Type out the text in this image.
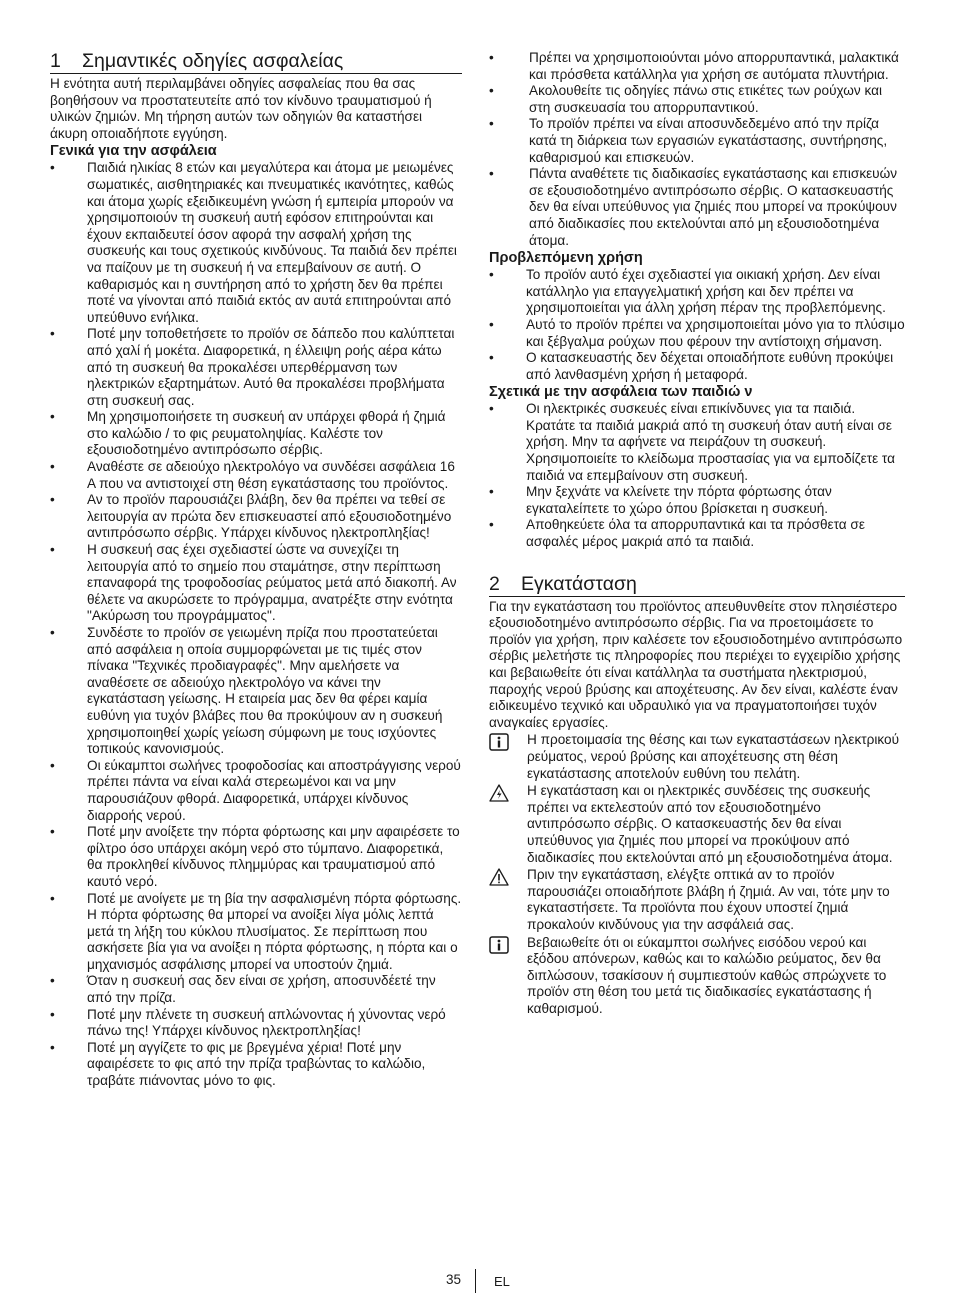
1 Σημαντικές οδηγίες ασφαλείας

Η ενότητα αυτή περιλαμβάνει οδηγίες ασφαλείας που θα σας βοηθήσουν να προστατευτείτε από τον κίνδυνο τραυματισμού ή υλικών ζημιών. Μη τήρηση αυτών των οδηγιών θα καταστήσει άκυρη οποιαδήποτε εγγύηση.

Γενικά για την ασφάλεια
• Παιδιά ηλικίας 8 ετών και μεγαλύτερα και άτομα με μειωμένες σωματικές, αισθητηριακές και πνευματικές ικανότητες, καθώς και άτομα χωρίς εξειδικευμένη γνώση ή εμπειρία μπορούν να χρησιμοποιούν τη συσκευή αυτή εφόσον επιτηρούνται και έχουν εκπαιδευτεί όσον αφορά την ασφαλή χρήση της συσκευής και τους σχετικούς κινδύνους. Τα παιδιά δεν πρέπει να παίζουν με τη συσκευή ή να επεμβαίνουν σε αυτή. Ο καθαρισμός και η συντήρηση από το χρήστη δεν θα πρέπει ποτέ να γίνονται από παιδιά εκτός αν αυτά επιτηρούνται από υπεύθυνο ενήλικα.
• Ποτέ μην τοποθετήσετε το προϊόν σε δάπεδο που καλύπτεται από χαλί ή μοκέτα. Διαφορετικά, η έλλειψη ροής αέρα κάτω από τη συσκευή θα προκαλέσει υπερθέρμανση των ηλεκτρικών εξαρτημάτων. Αυτό θα προκαλέσει προβλήματα στη συσκευή σας.
• Μη χρησιμοποιήσετε τη συσκευή αν υπάρχει φθορά ή ζημιά στο καλώδιο / το φις ρευματοληψίας. Καλέστε τον εξουσιοδοτημένο αντιπρόσωπο σέρβις.
• Αναθέστε σε αδειούχο ηλεκτρολόγο να συνδέσει ασφάλεια 16 A που να αντιστοιχεί στη θέση εγκατάστασης του προϊόντος.
• Αν το προϊόν παρουσιάζει βλάβη, δεν θα πρέπει να τεθεί σε λειτουργία αν πρώτα δεν επισκευαστεί από εξουσιοδοτημένο αντιπρόσωπο σέρβις. Υπάρχει κίνδυνος ηλεκτροπληξίας!
• Η συσκευή σας έχει σχεδιαστεί ώστε να συνεχίζει τη λειτουργία από το σημείο που σταμάτησε, στην περίπτωση επαναφορά της τροφοδοσίας ρεύματος μετά από διακοπή. Αν θέλετε να ακυρώσετε το πρόγραμμα, ανατρέξτε στην ενότητα "Ακύρωση του προγράμματος".
• Συνδέστε το προϊόν σε γειωμένη πρίζα που προστατεύεται από ασφάλεια η οποία συμμορφώνεται με τις τιμές στον πίνακα "Τεχνικές προδιαγραφές". Μην αμελήσετε να αναθέσετε σε αδειούχο ηλεκτρολόγο να κάνει την εγκατάσταση γείωσης. Η εταιρεία μας δεν θα φέρει καμία ευθύνη για τυχόν βλάβες που θα προκύψουν αν η συσκευή χρησιμοποιηθεί χωρίς γείωση σύμφωνη με τους ισχύοντες τοπικούς κανονισμούς.
• Οι εύκαμπτοι σωλήνες τροφοδοσίας και αποστράγγισης νερού πρέπει πάντα να είναι καλά στερεωμένοι και να μην παρουσιάζουν φθορά. Διαφορετικά, υπάρχει κίνδυνος διαρροής νερού.
• Ποτέ μην ανοίξετε την πόρτα φόρτωσης και μην αφαιρέσετε το φίλτρο όσο υπάρχει ακόμη νερό στο τύμπανο. Διαφορετικά, θα προκληθεί κίνδυνος πλημμύρας και τραυματισμού από καυτό νερό.
• Ποτέ με ανοίγετε με τη βία την ασφαλισμένη πόρτα φόρτωσης. Η πόρτα φόρτωσης θα μπορεί να ανοίξει λίγα μόλις λεπτά μετά τη λήξη του κύκλου πλυσίματος. Σε περίπτωση που ασκήσετε βία για να ανοίξει η πόρτα φόρτωσης, η πόρτα και ο μηχανισμός ασφάλισης μπορεί να υποστούν ζημιά.
• Όταν η συσκευή σας δεν είναι σε χρήση, αποσυνδέετέ την από την πρίζα.
• Ποτέ μην πλένετε τη συσκευή απλώνοντας ή χύνοντας νερό πάνω της! Υπάρχει κίνδυνος ηλεκτροπληξίας!
• Ποτέ μη αγγίζετε το φις με βρεγμένα χέρια! Ποτέ μην αφαιρέσετε το φις από την πρίζα τραβώντας το καλώδιο, τραβάτε πιάνοντας μόνο το φις.
• Πρέπει να χρησιμοποιούνται μόνο απορρυπαντικά, μαλακτικά και πρόσθετα κατάλληλα για χρήση σε αυτόματα πλυντήρια.
• Ακολουθείτε τις οδηγίες πάνω στις ετικέτες των ρούχων και στη συσκευασία του απορρυπαντικού.
• Το προϊόν πρέπει να είναι αποσυνδεδεμένο από την πρίζα κατά τη διάρκεια των εργασιών εγκατάστασης, συντήρησης, καθαρισμού και επισκευών.
• Πάντα αναθέτετε τις διαδικασίες εγκατάστασης και επισκευών σε εξουσιοδοτημένο αντιπρόσωπο σέρβις. Ο κατασκευαστής δεν θα είναι υπεύθυνος για ζημιές που μπορεί να προκύψουν από διαδικασίες που εκτελούνται από μη εξουσιοδοτημένα άτομα.
Προβλεπόμενη χρήση
• Το προϊόν αυτό έχει σχεδιαστεί για οικιακή χρήση. Δεν είναι κατάλληλο για επαγγελματική χρήση και δεν πρέπει να χρησιμοποιείται για άλλη χρήση πέραν της προβλεπόμενης.
• Αυτό το προϊόν πρέπει να χρησιμοποιείται μόνο για το πλύσιμο και ξέβγαλμα ρούχων που φέρουν την αντίστοιχη σήμανση.
• Ο κατασκευαστής δεν δέχεται οποιαδήποτε ευθύνη προκύψει από λανθασμένη χρήση ή μεταφορά.
Σχετικά με την ασφάλεια των παιδιώ ν
• Οι ηλεκτρικές συσκευές είναι επικίνδυνες για τα παιδιά. Κρατάτε τα παιδιά μακριά από τη συσκευή όταν αυτή είναι σε χρήση. Μην τα αφήνετε να πειράζουν τη συσκευή. Χρησιμοποιείτε το κλείδωμα προστασίας για να εμποδίζετε τα παιδιά να επεμβαίνουν στη συσκευή.
• Μην ξεχνάτε να κλείνετε την πόρτα φόρτωσης όταν εγκαταλείπετε το χώρο όπου βρίσκεται η συσκευή.
• Αποθηκεύετε όλα τα απορρυπαντικά και τα πρόσθετα σε ασφαλές μέρος μακριά από τα παιδιά.
2 Εγκατάσταση

Για την εγκατάσταση του προϊόντος απευθυνθείτε στον πλησιέστερο εξουσιοδοτημένο αντιπρόσωπο σέρβις. Για να προετοιμάσετε το προϊόν για χρήση, πριν καλέσετε τον εξουσιοδοτημένο αντιπρόσωπο σέρβις μελετήστε τις πληροφορίες που περιέχει το εγχειρίδιο χρήσης και βεβαιωθείτε ότι είναι κατάλληλα τα συστήματα ηλεκτρισμού, παροχής νερού βρύσης και αποχέτευσης. Αν δεν είναι, καλέστε έναν ειδικευμένο τεχνικό και υδραυλικό για να πραγματοποιήσει τυχόν αναγκαίες εργασίες.

Η προετοιμασία της θέσης και των εγκαταστάσεων ηλεκτρικού ρεύματος, νερού βρύσης και αποχέτευσης στη θέση εγκατάστασης αποτελούν ευθύνη του πελάτη.

Η εγκατάσταση και οι ηλεκτρικές συνδέσεις της συσκευής πρέπει να εκτελεστούν από τον εξουσιοδοτημένο αντιπρόσωπο σέρβις. Ο κατασκευαστής δεν θα είναι υπεύθυνος για ζημιές που μπορεί να προκύψουν από διαδικασίες που εκτελούνται από μη εξουσιοδοτημένα άτομα.

Πριν την εγκατάσταση, ελέγξτε οπτικά αν το προϊόν παρουσιάζει οποιαδήποτε βλάβη ή ζημιά. Αν ναι, τότε μην το εγκαταστήσετε. Τα προϊόντα που έχουν υποστεί ζημιά προκαλούν κινδύνους για την ασφάλειά σας.

Βεβαιωθείτε ότι οι εύκαμπτοι σωλήνες εισόδου νερού και εξόδου απόνερων, καθώς και το καλώδιο ρεύματος, δεν θα διπλώσουν, τσακίσουν ή συμπιεστούν καθώς σπρώχνετε το προϊόν στη θέση του μετά τις διαδικασίες εγκατάστασης ή καθαρισμού.

35	EL
